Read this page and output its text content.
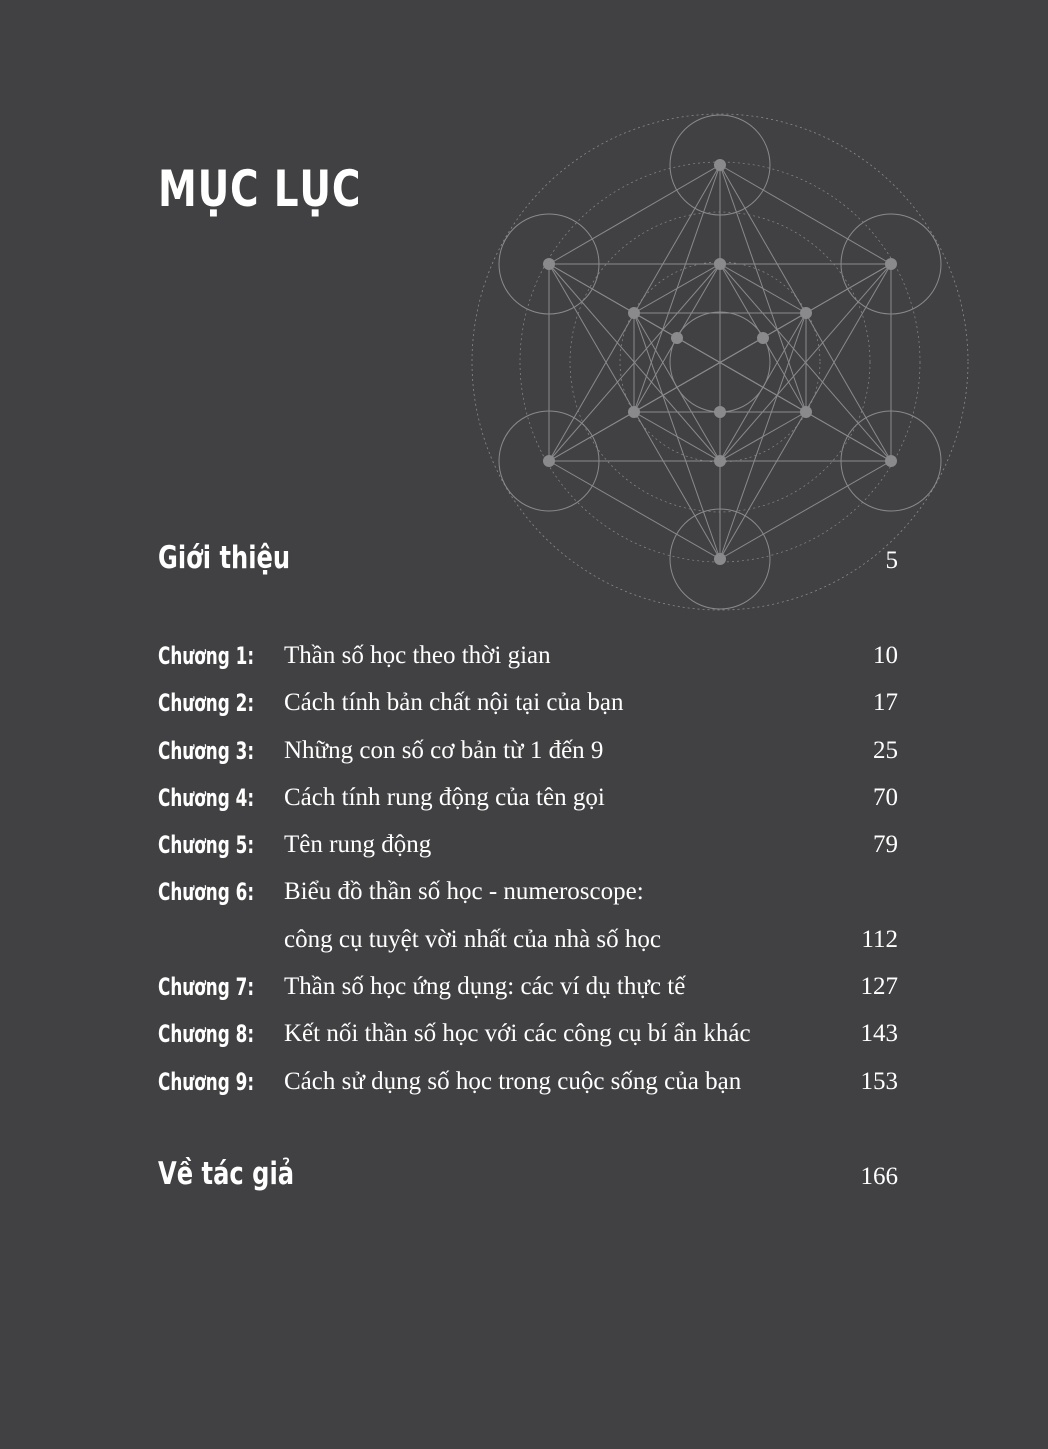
MỤC LỤC
Giới thiệu	5
Chương 1: Thần số học theo thời gian	10
Chương 2: Cách tính bản chất nội tại của bạn	17
Chương 3: Những con số cơ bản từ 1 đến 9	25
Chương 4: Cách tính rung động của tên gọi	70
Chương 5: Tên rung động	79
Chương 6: Biểu đồ thần số học - numeroscope:
công cụ tuyệt vời nhất của nhà số học	112
Chương 7: Thần số học ứng dụng: các ví dụ thực tế	127
Chương 8: Kết nối thần số học với các công cụ bí ẩn khác	143
Chương 9: Cách sử dụng số học trong cuộc sống của bạn	153
Về tác giả	166
